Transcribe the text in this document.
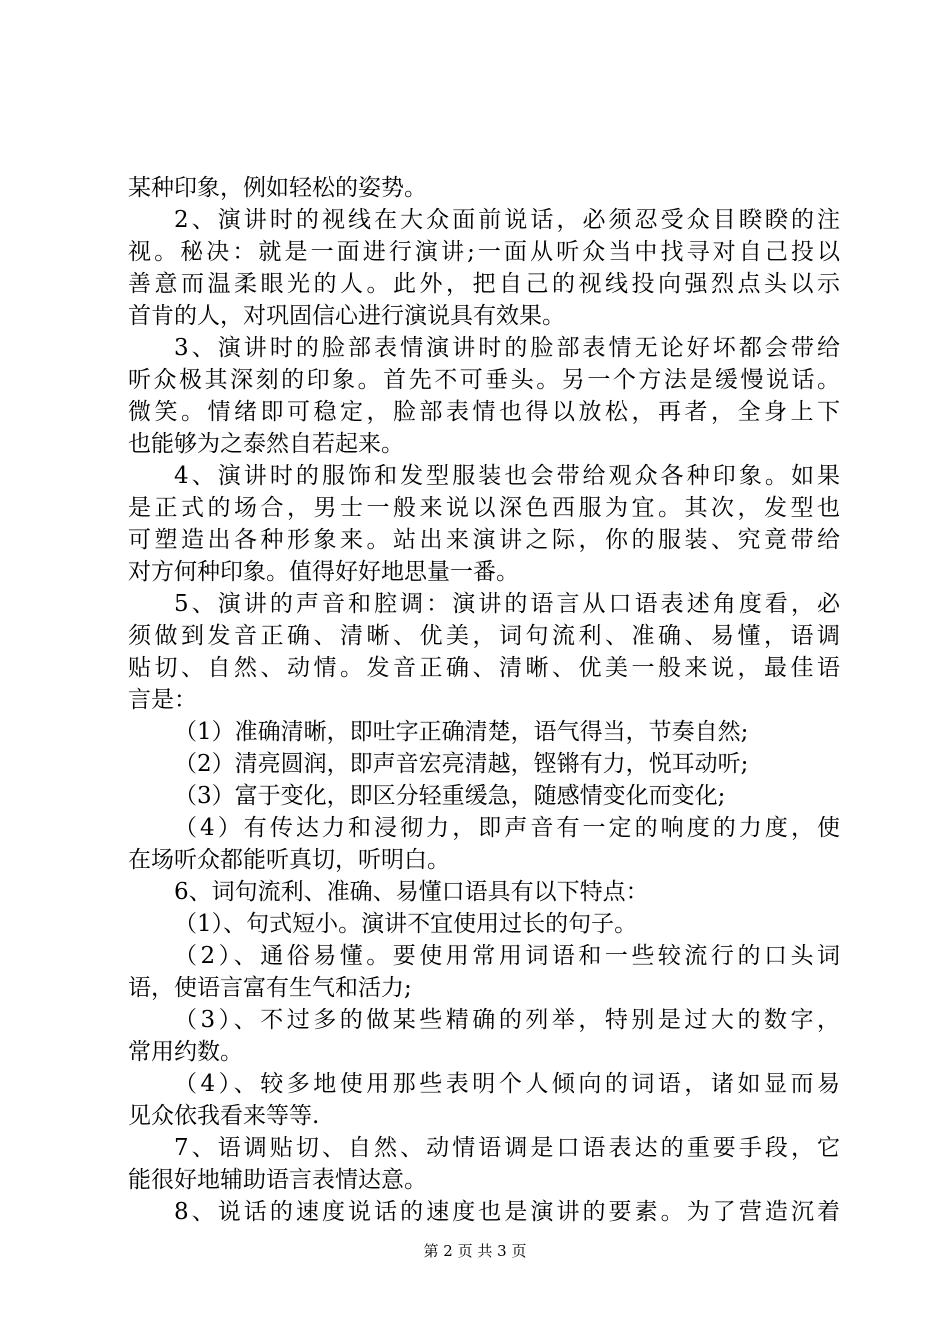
某种印象，例如轻松的姿势。
2、演讲时的视线在大众面前说话，必须忍受众目睽睽的注
视。秘决：就是一面进行演讲;一面从听众当中找寻对自己投以
善意而温柔眼光的人。此外，把自己的视线投向强烈点头以示
首肯的人，对巩固信心进行演说具有效果。
3、演讲时的脸部表情演讲时的脸部表情无论好坏都会带给
听众极其深刻的印象。首先不可垂头。另一个方法是缓慢说话。
微笑。情绪即可稳定，脸部表情也得以放松，再者，全身上下
也能够为之泰然自若起来。
4、演讲时的服饰和发型服装也会带给观众各种印象。如果
是正式的场合，男士一般来说以深色西服为宜。其次，发型也
可塑造出各种形象来。站出来演讲之际，你的服装、究竟带给
对方何种印象。值得好好地思量一番。
5、演讲的声音和腔调：演讲的语言从口语表述角度看，必
须做到发音正确、清晰、优美，词句流利、准确、易懂，语调
贴切、自然、动情。发音正确、清晰、优美一般来说，最佳语
言是：
（1）准确清晰，即吐字正确清楚，语气得当，节奏自然;
（2）清亮圆润，即声音宏亮清越，铿锵有力，悦耳动听;
（3）富于变化，即区分轻重缓急，随感情变化而变化;
（4）有传达力和浸彻力，即声音有一定的响度的力度，使
在场听众都能听真切，听明白。
6、词句流利、准确、易懂口语具有以下特点：
（1）、句式短小。演讲不宜使用过长的句子。
（2）、通俗易懂。要使用常用词语和一些较流行的口头词
语，使语言富有生气和活力;
（3）、不过多的做某些精确的列举，特别是过大的数字，
常用约数。
（4）、较多地使用那些表明个人倾向的词语，诸如显而易
见众依我看来等等.
7、语调贴切、自然、动情语调是口语表达的重要手段，它
能很好地辅助语言表情达意。
8、说话的速度说话的速度也是演讲的要素。为了营造沉着
第 2 页 共 3 页
